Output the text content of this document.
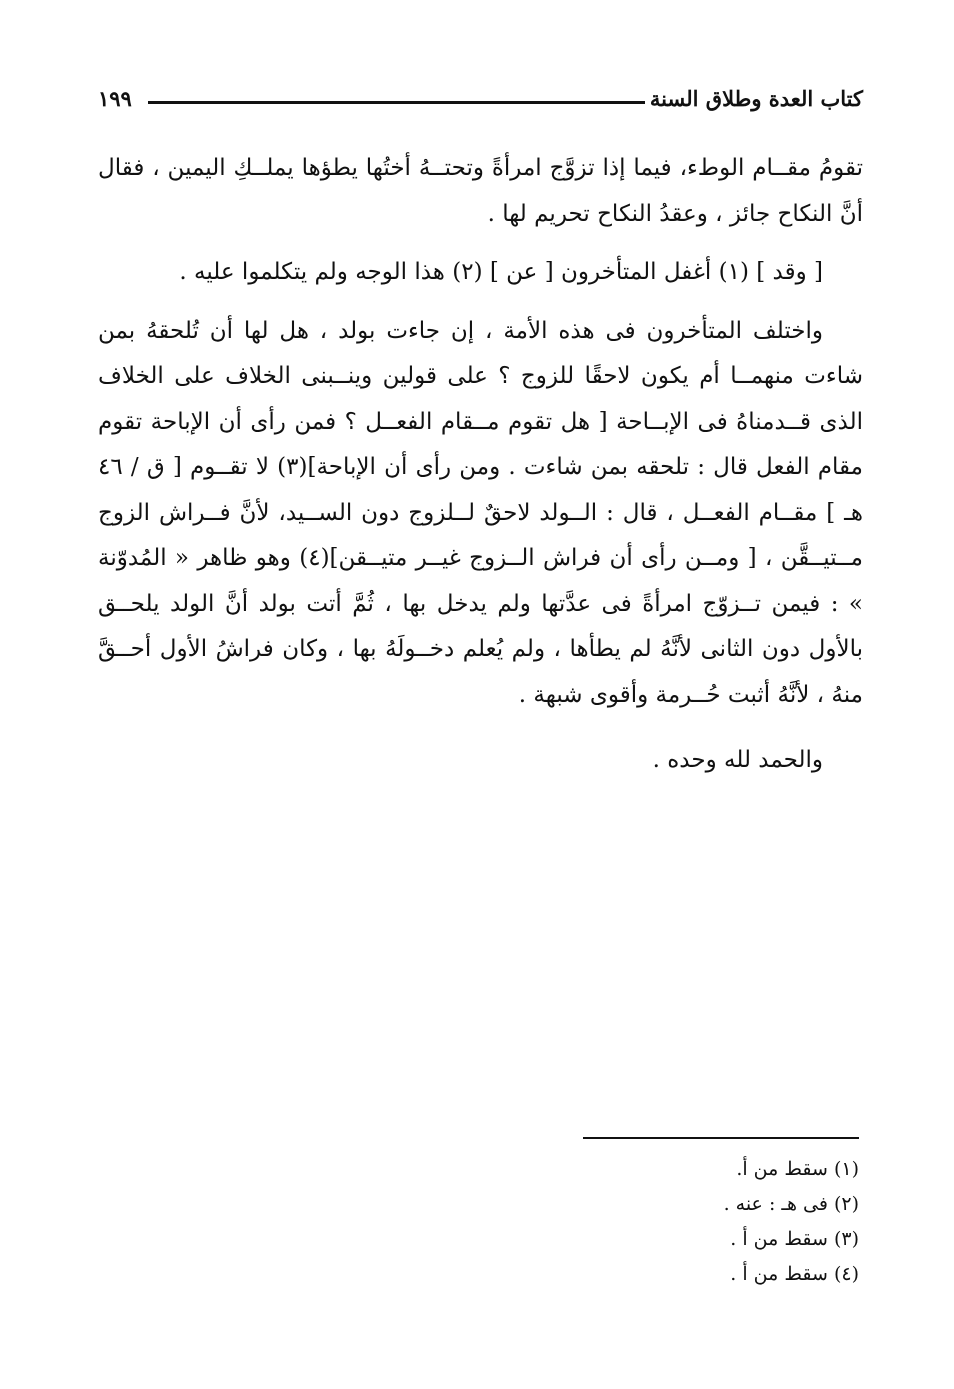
كتاب العدة وطلاق السنة
١٩٩

تقومُ مقــام الوطء، فيما إذا تزوَّج امرأةً وتحتــهُ أختُها يطؤها يملــكِ اليمين ، فقال أنَّ النكاح جائز ، وعقدُ النكاح تحريم لها .

[ وقد ] (١) أغفل المتأخرون [ عن ] (٢) هذا الوجه ولم يتكلموا عليه .

واختلف المتأخرون فى هذه الأمة ، إن جاءت بولد ، هل لها أن تُلحقهُ بمن شاءت منهمــا أم يكون لاحقًا للزوج ؟ على قولين وينــبنى الخلاف على الخلاف الذى قــدمناهُ فى الإبــاحة [ هل تقوم مــقام الفعــل ؟ فمن رأى أن الإباحة تقوم مقام الفعل قال : تلحقه بمن شاءت . ومن رأى أن الإباحة](٣) لا تقــوم [ ق / ٤٦ هـ ] مقــام الفعــل ، قال : الــولد لاحقٌ لــلزوج دون الســيد، لأنَّ فــراش الزوج مــتيــقَّن ، [ ومــن رأى أن فراش الــزوج غيــر متيــقن](٤) وهو ظاهر « المُدوّنة » : فيمن تــزوّج امرأةً فى عدَّتها ولم يدخل بها ، ثُمَّ أتت بولد أنَّ الولد يلحــق بالأول دون الثانى لأنَّهُ لم يطأها ، ولم يُعلم دخــولَهُ بها ، وكان فراشُ الأول أحــقَّ منهُ ، لأنَّهُ أثبت حُــرمة وأقوى شبهة .

والحمد لله وحده .

(١)سقط من أ.

(٢)فى هـ : عنه .

(٣)سقط من أ .

(٤)سقط من أ .
